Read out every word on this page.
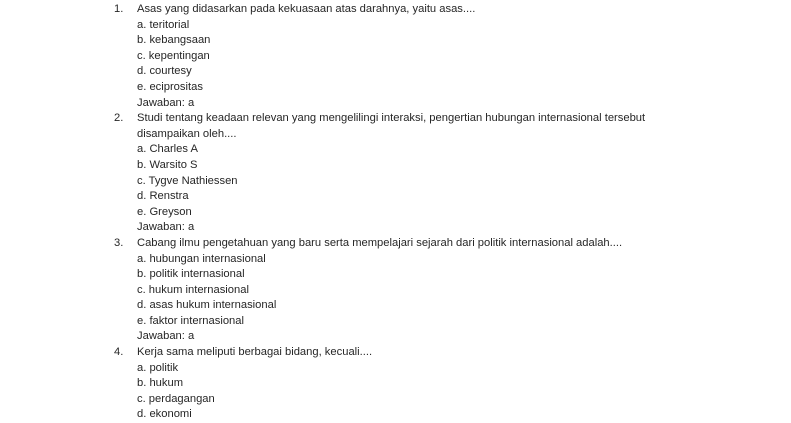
1. Asas yang didasarkan pada kekuasaan atas darahnya, yaitu asas....
a. teritorial
b. kebangsaan
c. kepentingan
d. courtesy
e. eciprositas
Jawaban: a
2. Studi tentang keadaan relevan yang mengelilingi interaksi, pengertian hubungan internasional tersebut disampaikan oleh....
a. Charles A
b. Warsito S
c. Tygve Nathiessen
d. Renstra
e. Greyson
Jawaban: a
3. Cabang ilmu pengetahuan yang baru serta mempelajari sejarah dari politik internasional adalah....
a. hubungan internasional
b. politik internasional
c. hukum internasional
d. asas hukum internasional
e. faktor internasional
Jawaban: a
4. Kerja sama meliputi berbagai bidang, kecuali....
a. politik
b. hukum
c. perdagangan
d. ekonomi
